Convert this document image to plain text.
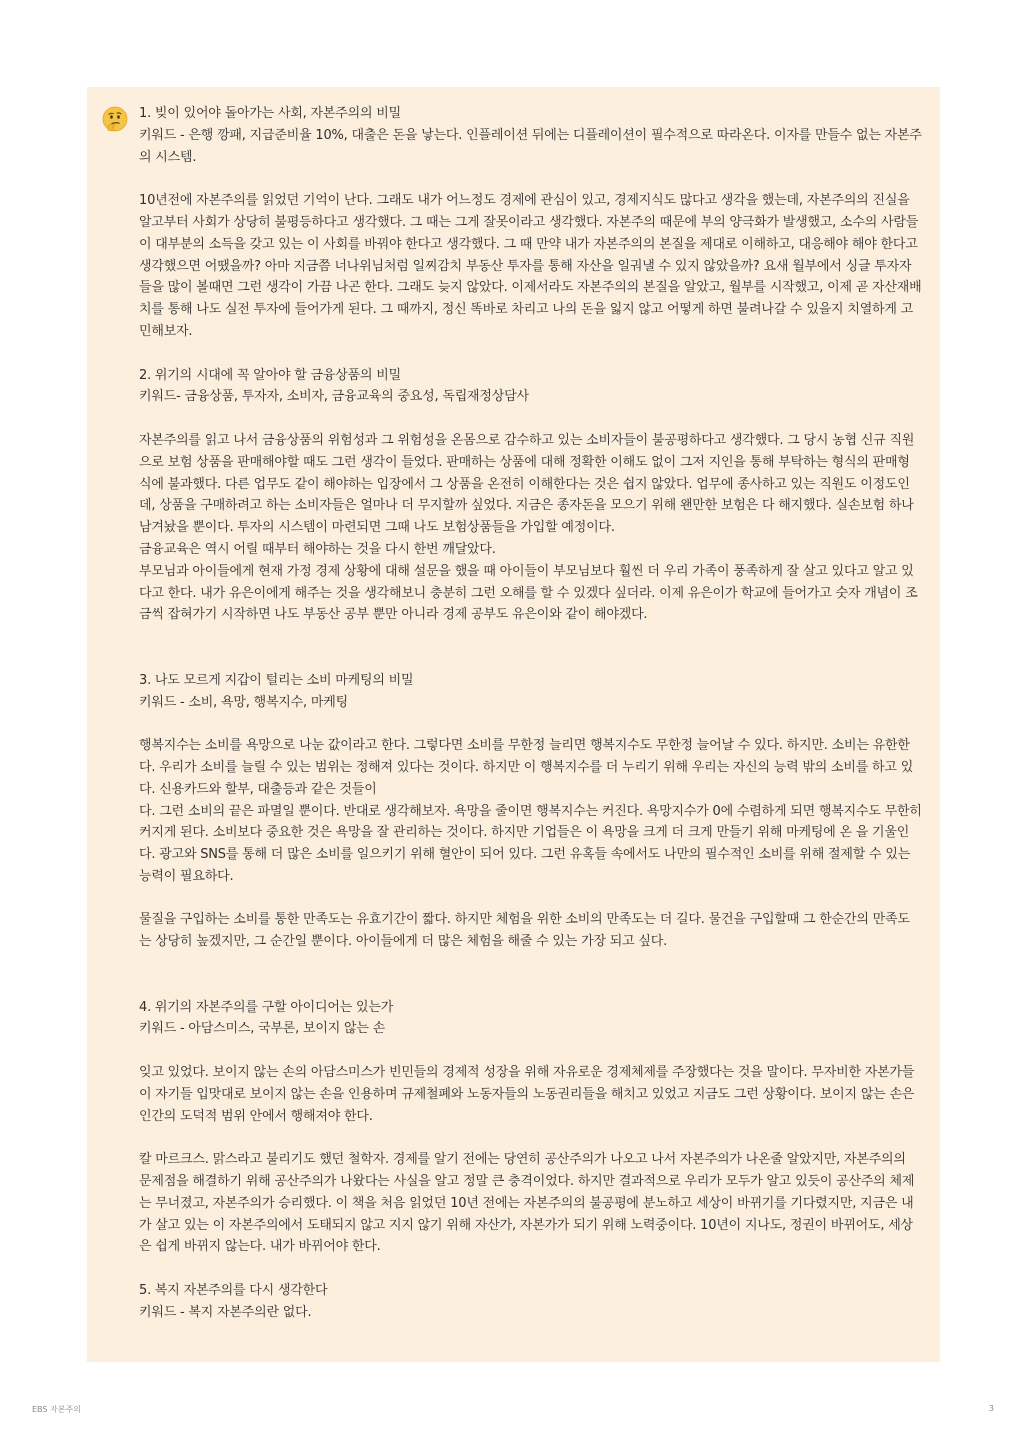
1. 빚이 있어야 돌아가는 사회, 자본주의의 비밀

키워드 - 은행 깡패, 지급준비율 10%, 대출은 돈을 낳는다. 인플레이션 뒤에는 디플레이션이 필수적으로 따라온다. 이자를 만들수 없는 자본주의 시스템.

10년전에 자본주의를 읽었던 기억이 난다. 그래도 내가 어느정도 경제에 관심이 있고, 경제지식도 많다고 생각을 했는데, 자본주의의 진실을 알고부터 사회가 상당히 불평등하다고 생각했다. 그 때는 그게 잘못이라고 생각했다. 자본주의 때문에 부의 양극화가 발생했고, 소수의 사람들이 대부분의 소득을 갖고 있는 이 사회를 바꿔야 한다고 생각했다. 그 때 만약 내가 자본주의의 본질을 제대로 이해하고, 대응해야 해야 한다고 생각했으면 어땠을까? 아마 지금쯤 너나위님처럼 일찌감치 부동산 투자를 통해 자산을 일궈낼 수 있지 않았을까? 요새 월부에서 싱글 투자자들을 많이 볼때면 그런 생각이 가끔 나곤 한다. 그래도 늦지 않았다. 이제서라도 자본주의의 본질을 알았고, 월부를 시작했고, 이제 곧 자산재배치를 통해 나도 실전 투자에 들어가게 된다. 그 때까지, 정신 똑바로 차리고 나의 돈을 잃지 않고 어떻게 하면 불려나갈 수 있을지 치열하게 고민해보자.

2. 위기의 시대에 꼭 알아야 할 금융상품의 비밀

키워드- 금융상품, 투자자, 소비자, 금융교육의 중요성, 독립재정상담사

자본주의를 읽고 나서 금융상품의 위험성과 그 위험성을 온몸으로 감수하고 있는 소비자들이 불공평하다고 생각했다. 그 당시 농협 신규 직원으로 보험 상품을 판매해야할 때도 그런 생각이 들었다. 판매하는 상품에 대해 정확한 이해도 없이 그저 지인을 통해 부탁하는 형식의 판매형식에 불과했다. 다른 업무도 같이 해야하는 입장에서 그 상품을 온전히 이해한다는 것은 쉽지 않았다. 업무에 종사하고 있는 직원도 이정도인데, 상품을 구매하려고 하는 소비자들은 얼마나 더 무지할까 싶었다. 지금은 종자돈을 모으기 위해 왠만한 보험은 다 해지했다. 실손보험 하나 남겨놨을 뿐이다. 투자의 시스템이 마련되면 그때 나도 보험상품들을 가입할 예정이다.

금융교육은 역시 어릴 때부터 해야하는 것을 다시 한번 깨달았다.

부모님과 아이들에게 현재 가정 경제 상황에 대해 설문을 했을 때 아이들이 부모님보다 훨씬 더 우리 가족이 풍족하게 잘 살고 있다고 알고 있다고 한다. 내가 유은이에게 해주는 것을 생각해보니 충분히 그런 오해를 할 수 있겠다 싶더라. 이제 유은이가 학교에 들어가고 숫자 개념이 조금씩 잡혀가기 시작하면 나도 부동산 공부 뿐만 아니라 경제 공부도 유은이와 같이 해야겠다.

3. 나도 모르게 지갑이 털리는 소비 마케팅의 비밀

키워드 - 소비, 욕망, 행복지수, 마케팅

행복지수는 소비를 욕망으로 나눈 값이라고 한다. 그렇다면 소비를 무한정 늘리면 행복지수도 무한정 늘어날 수 있다. 하지만. 소비는 유한한다. 우리가 소비를 늘릴 수 있는 범위는 정해져 있다는 것이다. 하지만 이 행복지수를 더 누리기 위해 우리는 자신의 능력 밖의 소비를 하고 있다. 신용카드와 할부, 대출등과 같은 것들이

다. 그런 소비의 끝은 파멸일 뿐이다. 반대로 생각해보자. 욕망을 줄이면 행복지수는 커진다. 욕망지수가 0에 수렴하게 되면 행복지수도 무한히 커지게 된다. 소비보다 중요한 것은 욕망을 잘 관리하는 것이다. 하지만 기업들은 이 욕망을 크게 더 크게 만들기 위해 마케팅에 온 을 기울인다. 광고와 SNS를 통해 더 많은 소비를 일으키기 위해 혈안이 되어 있다. 그런 유혹들 속에서도 나만의 필수적인 소비를 위해 절제할 수 있는 능력이 필요하다.

물질을 구입하는 소비를 통한 만족도는 유효기간이 짧다. 하지만 체험을 위한 소비의 만족도는 더 길다. 물건을 구입할때 그 한순간의 만족도는 상당히 높겠지만, 그 순간일 뿐이다. 아이들에게 더 많은 체험을 해줄 수 있는 가장 되고 싶다.

4. 위기의 자본주의를 구할 아이디어는 있는가

키워드 - 아담스미스, 국부론, 보이지 않는 손

잊고 있었다. 보이지 않는 손의 아담스미스가 빈민들의 경제적 성장을 위해 자유로운 경제체제를 주장했다는 것을 말이다. 무자비한 자본가들이 자기들 입맛대로 보이지 않는 손을 인용하며 규제철폐와 노동자들의 노동권리들을 해치고 있었고 지금도 그런 상황이다. 보이지 않는 손은 인간의 도덕적 범위 안에서 행해져야 한다.

칼 마르크스. 맑스라고 불리기도 했던 철학자. 경제를 알기 전에는 당연히 공산주의가 나오고 나서 자본주의가 나온줄 알았지만, 자본주의의 문제점을 해결하기 위해 공산주의가 나왔다는 사실을 알고 정말 큰 충격이었다. 하지만 결과적으로 우리가 모두가 알고 있듯이 공산주의 체제는 무너졌고, 자본주의가 승리했다. 이 책을 처음 읽었던 10년 전에는 자본주의의 불공평에 분노하고 세상이 바뀌기를 기다렸지만, 지금은 내가 살고 있는 이 자본주의에서 도태되지 않고 지지 않기 위해 자산가, 자본가가 되기 위해 노력중이다. 10년이 지나도, 정권이 바뀌어도, 세상은 쉽게 바뀌지 않는다. 내가 바뀌어야 한다.

5. 복지 자본주의를 다시 생각한다

키워드 - 복지 자본주의란 없다.

EBS 자본주의	3
